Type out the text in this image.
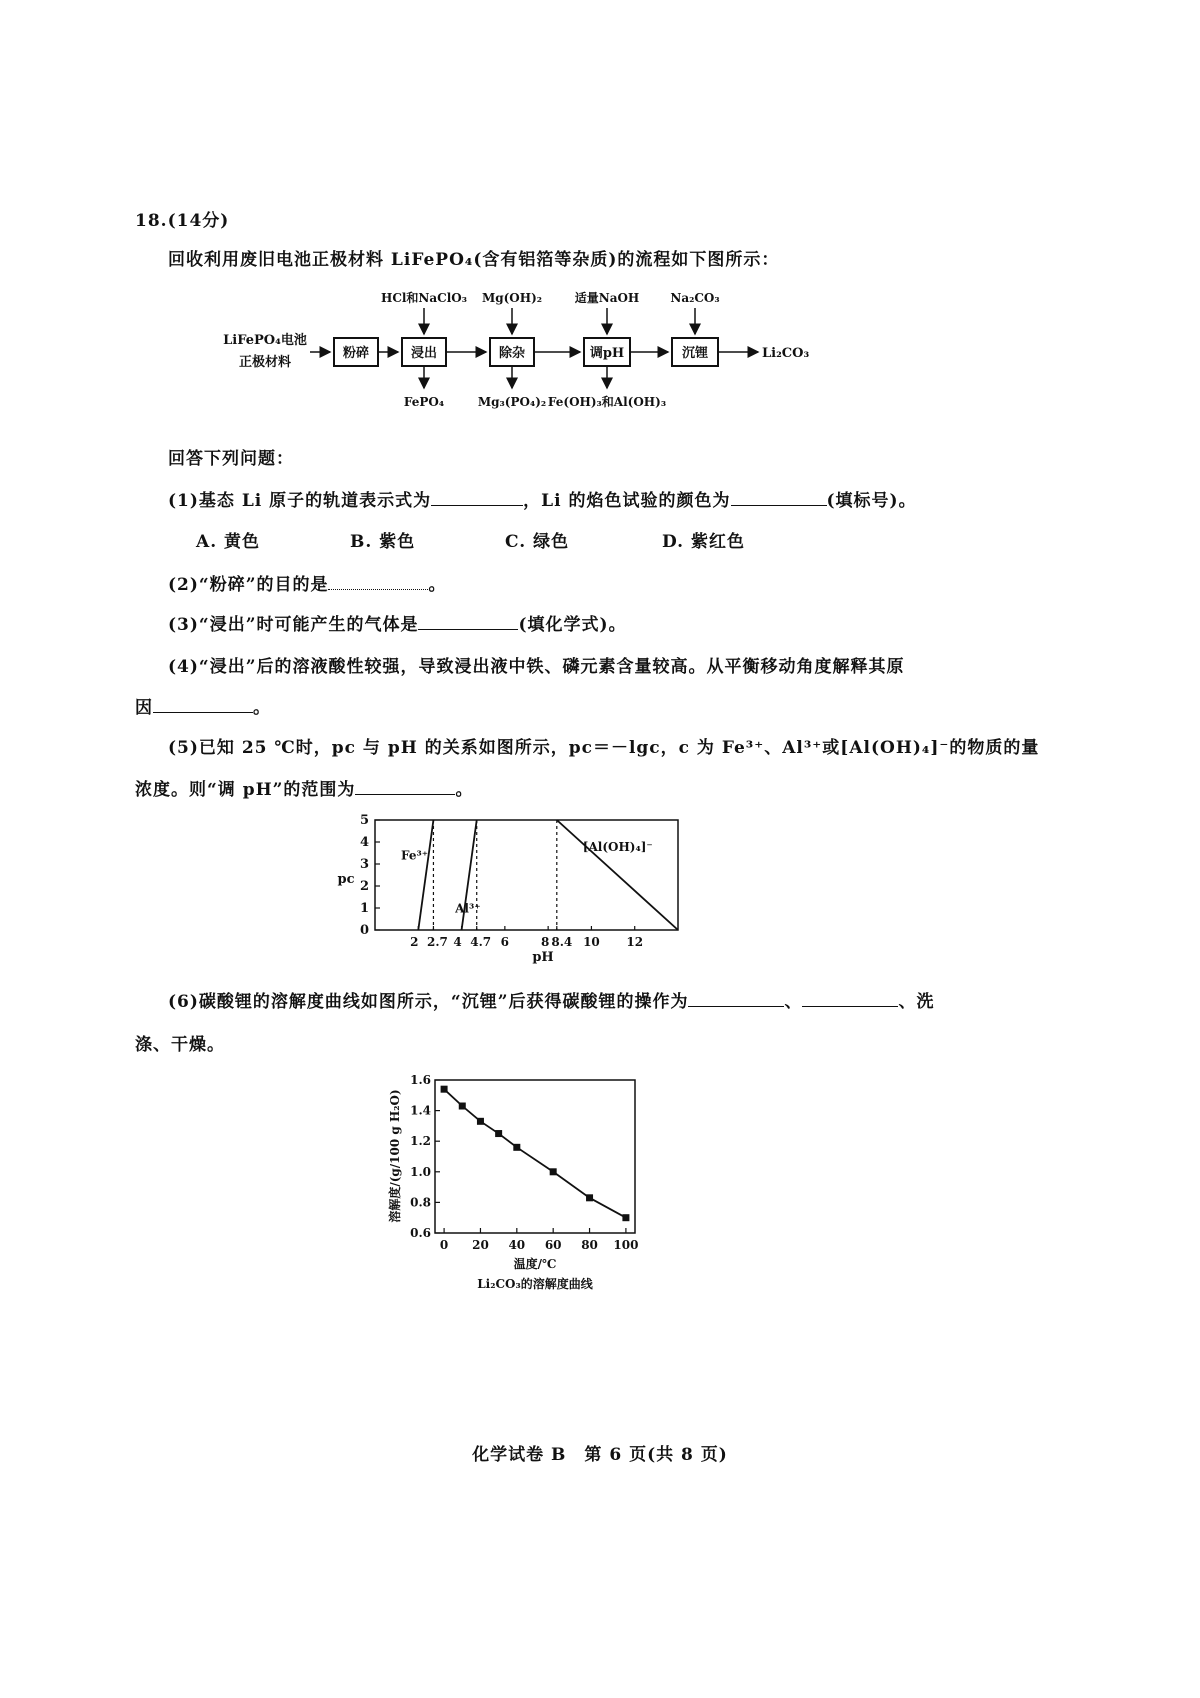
18.(14分)
回收利用废旧电池正极材料 LiFePO₄(含有铝箔等杂质)的流程如下图所示：
LiFePO₄电池
正极材料
粉碎	浸出	除杂	调pH	沉锂	Li₂CO₃
HCl和NaClO₃ Mg(OH)₂	适量NaOH	Na₂CO₃
FePO₄	Mg₃(PO₄)₂ Fe(OH)₃和Al(OH)₃
回答下列问题：
(1)基态 Li 原子的轨道表示式为	，Li 的焰色试验的颜色为	(填标号)。
A. 黄色	B. 紫色	C. 绿色	D. 紫红色
(2)“粉碎”的目的是	。
(3)“浸出”时可能产生的气体是	(填化学式)。
(4)“浸出”后的溶液酸性较强，导致浸出液中铁、磷元素含量较高。从平衡移动角度解释其原
因	。
(5)已知 25 ℃时，pc 与 pH 的关系如图所示，pc＝－lgc，c 为 Fe³⁺、Al³⁺或[Al(OH)₄]⁻的物质的量
浓度。则“调 pH”的范围为	。
pc
pH
0
1
2
3
4
5
2 2.7 4 4.7 6	8 8.4 10 12
Fe³⁺
Al³⁺
[Al(OH)₄]⁻
(6)碳酸锂的溶解度曲线如图所示，“沉锂”后获得碳酸锂的操作为	、	、洗
涤、干燥。
溶解度/(g/100 g H₂O)
温度/℃
Li₂CO₃的溶解度曲线
0.6
0.8
1.0
1.2
1.4
1.6
0 20 40 60 80 100
化学试卷 B　第 6 页(共 8 页)
